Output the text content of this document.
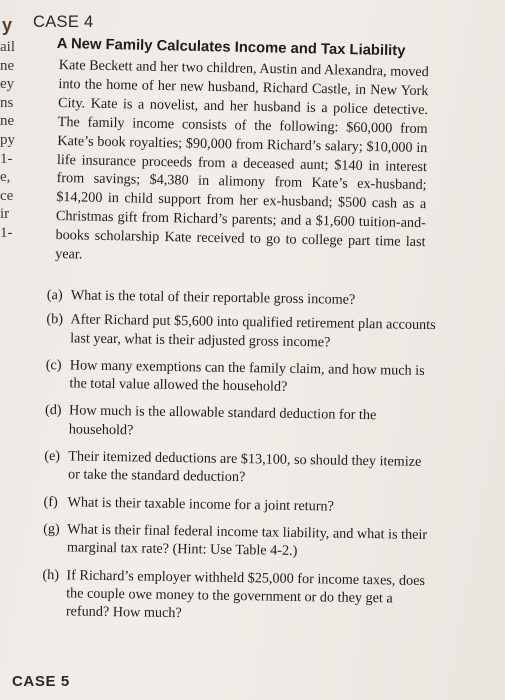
y
ail
ne
ey
ns
ne
py
1-
e,
ce
ir
1-
CASE 4
A New Family Calculates Income and Tax Liability
Kate Beckett and her two children, Austin and Alexandra, moved into the home of her new husband, Richard Castle, in New York City. Kate is a novelist, and her husband is a police detective. The family income consists of the following: $60,000 from Kate’s book royalties; $90,000 from Richard’s salary; $10,000 in life insurance proceeds from a deceased aunt; $140 in interest from savings; $4,380 in alimony from Kate’s ex-husband; $14,200 in child support from her ex-husband; $500 cash as a Christmas gift from Richard’s parents; and a $1,600 tuition-and-books scholarship Kate received to go to college part time last year.
(a) What is the total of their reportable gross income?
(b) After Richard put $5,600 into qualified retirement plan accounts last year, what is their adjusted gross income?
(c) How many exemptions can the family claim, and how much is the total value allowed the household?
(d) How much is the allowable standard deduction for the household?
(e) Their itemized deductions are $13,100, so should they itemize or take the standard deduction?
(f) What is their taxable income for a joint return?
(g) What is their final federal income tax liability, and what is their marginal tax rate? (Hint: Use Table 4-2.)
(h) If Richard’s employer withheld $25,000 for income taxes, does the couple owe money to the government or do they get a refund? How much?
CASE 5
